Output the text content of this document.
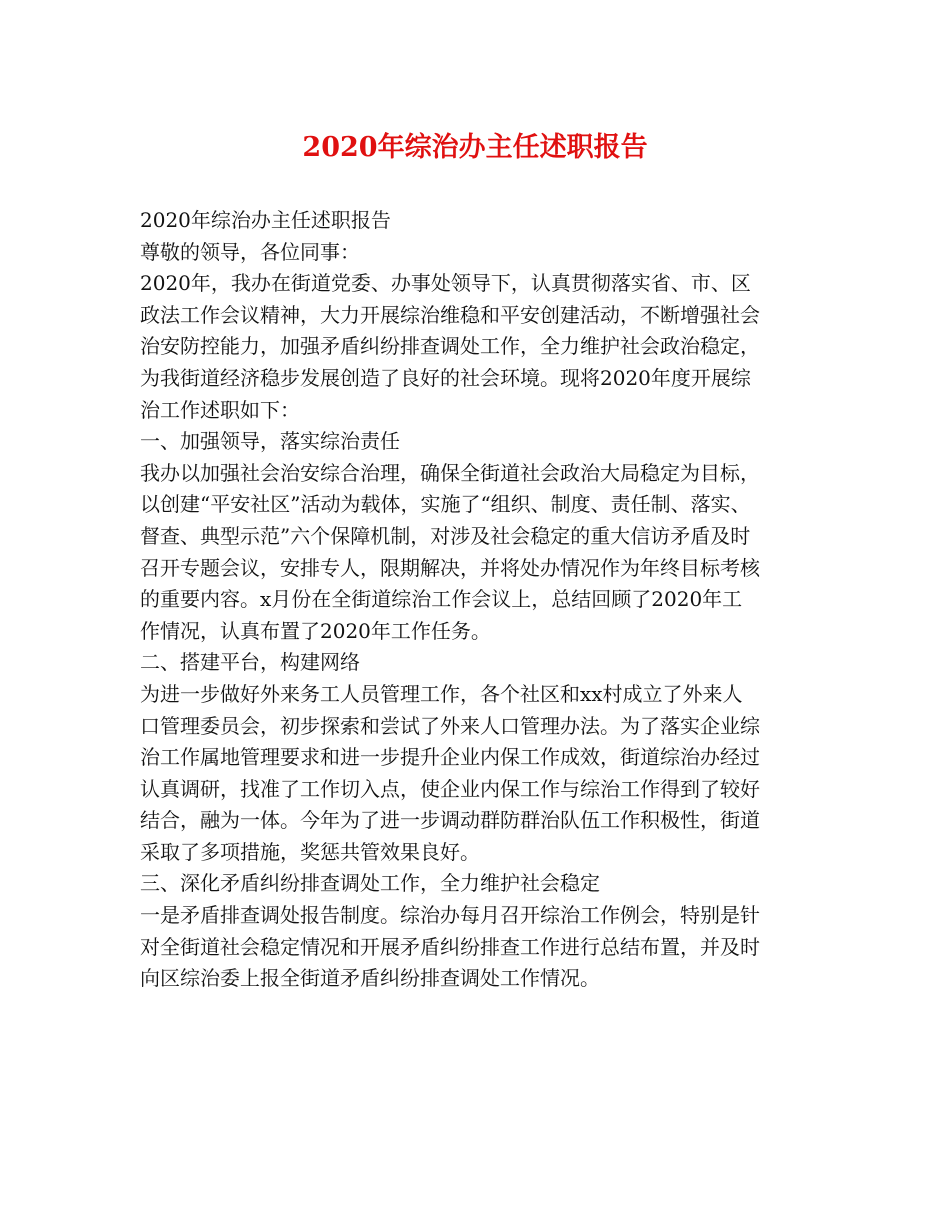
2020年综治办主任述职报告
2020年综治办主任述职报告
尊敬的领导，各位同事：
2020年，我办在街道党委、办事处领导下，认真贯彻落实省、市、区
政法工作会议精神，大力开展综治维稳和平安创建活动，不断增强社会
治安防控能力，加强矛盾纠纷排查调处工作，全力维护社会政治稳定，
为我街道经济稳步发展创造了良好的社会环境。现将2020年度开展综
治工作述职如下：
一、加强领导，落实综治责任
我办以加强社会治安综合治理，确保全街道社会政治大局稳定为目标，
以创建“平安社区”活动为载体，实施了“组织、制度、责任制、落实、
督查、典型示范”六个保障机制，对涉及社会稳定的重大信访矛盾及时
召开专题会议，安排专人，限期解决，并将处办情况作为年终目标考核
的重要内容。x月份在全街道综治工作会议上，总结回顾了2020年工
作情况，认真布置了2020年工作任务。
二、搭建平台，构建网络
为进一步做好外来务工人员管理工作，各个社区和xx村成立了外来人
口管理委员会，初步探索和尝试了外来人口管理办法。为了落实企业综
治工作属地管理要求和进一步提升企业内保工作成效，街道综治办经过
认真调研，找准了工作切入点，使企业内保工作与综治工作得到了较好
结合，融为一体。今年为了进一步调动群防群治队伍工作积极性，街道
采取了多项措施，奖惩共管效果良好。
三、深化矛盾纠纷排查调处工作，全力维护社会稳定
一是矛盾排查调处报告制度。综治办每月召开综治工作例会，特别是针
对全街道社会稳定情况和开展矛盾纠纷排查工作进行总结布置，并及时
向区综治委上报全街道矛盾纠纷排查调处工作情况。
